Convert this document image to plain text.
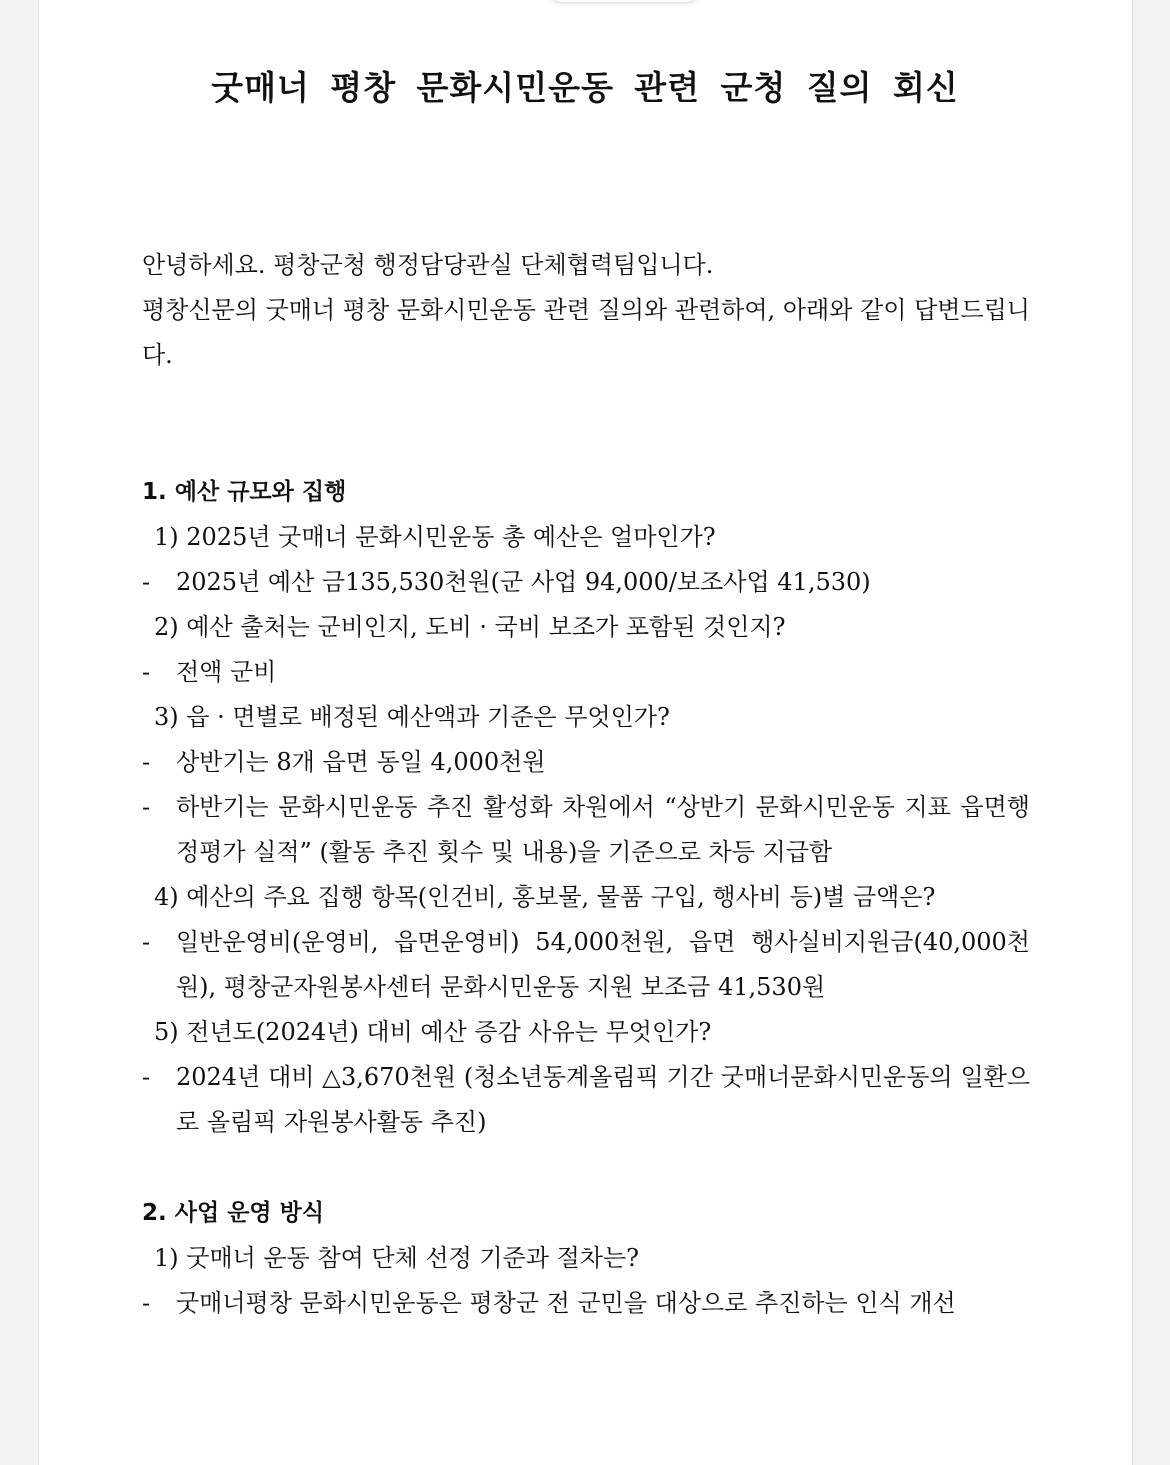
굿매너 평창 문화시민운동 관련 군청 질의 회신

안녕하세요. 평창군청 행정담당관실 단체협력팀입니다.

평창신문의 굿매너 평창 문화시민운동 관련 질의와 관련하여, 아래와 같이 답변드립니다.

1. 예산 규모와 집행

1) 2025년 굿매너 문화시민운동 총 예산은 얼마인가?

-	2025년 예산 금135,530천원(군 사업 94,000/보조사업 41,530)

2) 예산 출처는 군비인지, 도비 · 국비 보조가 포함된 것인지?

-	전액 군비

3) 읍 · 면별로 배정된 예산액과 기준은 무엇인가?

-	상반기는 8개 읍면 동일 4,000천원
-	하반기는 문화시민운동 추진 활성화 차원에서 “상반기 문화시민운동 지표 읍면행정평가 실적” (활동 추진 횟수 및 내용)을 기준으로 차등 지급함

4) 예산의 주요 집행 항목(인건비, 홍보물, 물품 구입, 행사비 등)별 금액은?

-	일반운영비(운영비, 읍면운영비) 54,000천원, 읍면 행사실비지원금(40,000천원), 평창군자원봉사센터 문화시민운동 지원 보조금 41,530원

5) 전년도(2024년) 대비 예산 증감 사유는 무엇인가?

-	2024년 대비 △3,670천원 (청소년동계올림픽 기간 굿매너문화시민운동의 일환으로 올림픽 자원봉사활동 추진)

2. 사업 운영 방식

1) 굿매너 운동 참여 단체 선정 기준과 절차는?

-	굿매너평창 문화시민운동은 평창군 전 군민을 대상으로 추진하는 인식 개선
